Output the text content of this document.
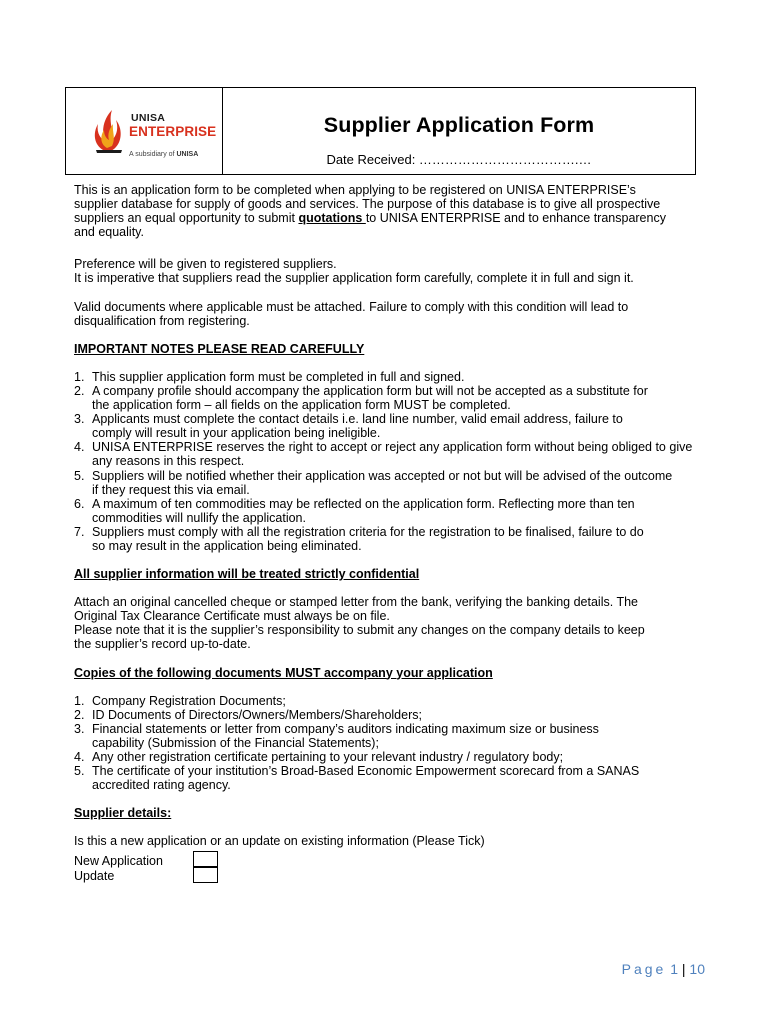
UNISA
ENTERPRISE
A subsidiary of UNISA
Supplier Application Form
Date Received: ……………………………….…

This is an application form to be completed when applying to be registered on UNISA ENTERPRISE’s

supplier database for supply of goods and services. The purpose of this database is to give all prospective

suppliers an equal opportunity to submit quotations to UNISA ENTERPRISE and to enhance transparency

and equality.

Preference will be given to registered suppliers.

It is imperative that suppliers read the supplier application form carefully, complete it in full and sign it.

Valid documents where applicable must be attached. Failure to comply with this condition will lead to

disqualification from registering.

IMPORTANT NOTES PLEASE READ CAREFULLY

1. This supplier application form must be completed in full and signed.
2. A company profile should accompany the application form but will not be accepted as a substitute for
the application form – all fields on the application form MUST be completed.
3. Applicants must complete the contact details i.e. land line number, valid email address, failure to
comply will result in your application being ineligible.
4. UNISA ENTERPRISE reserves the right to accept or reject any application form without being obliged to give
any reasons in this respect.
5. Suppliers will be notified whether their application was accepted or not but will be advised of the outcome
if they request this via email.
6. A maximum of ten commodities may be reflected on the application form. Reflecting more than ten
commodities will nullify the application.
7. Suppliers must comply with all the registration criteria for the registration to be finalised, failure to do
so may result in the application being eliminated.

All supplier information will be treated strictly confidential

Attach an original cancelled cheque or stamped letter from the bank, verifying the banking details. The

Original Tax Clearance Certificate must always be on file.

Please note that it is the supplier’s responsibility to submit any changes on the company details to keep

the supplier’s record up-to-date.

Copies of the following documents MUST accompany your application

1. Company Registration Documents;
2. ID Documents of Directors/Owners/Members/Shareholders;
3. Financial statements or letter from company’s auditors indicating maximum size or business
capability (Submission of the Financial Statements);
4. Any other registration certificate pertaining to your relevant industry / regulatory body;
5. The certificate of your institution’s Broad-Based Economic Empowerment scorecard from a SANAS
accredited rating agency.

Supplier details:

Is this a new application or an update on existing information (Please Tick)

New Application
Update
Page 1 | 10
